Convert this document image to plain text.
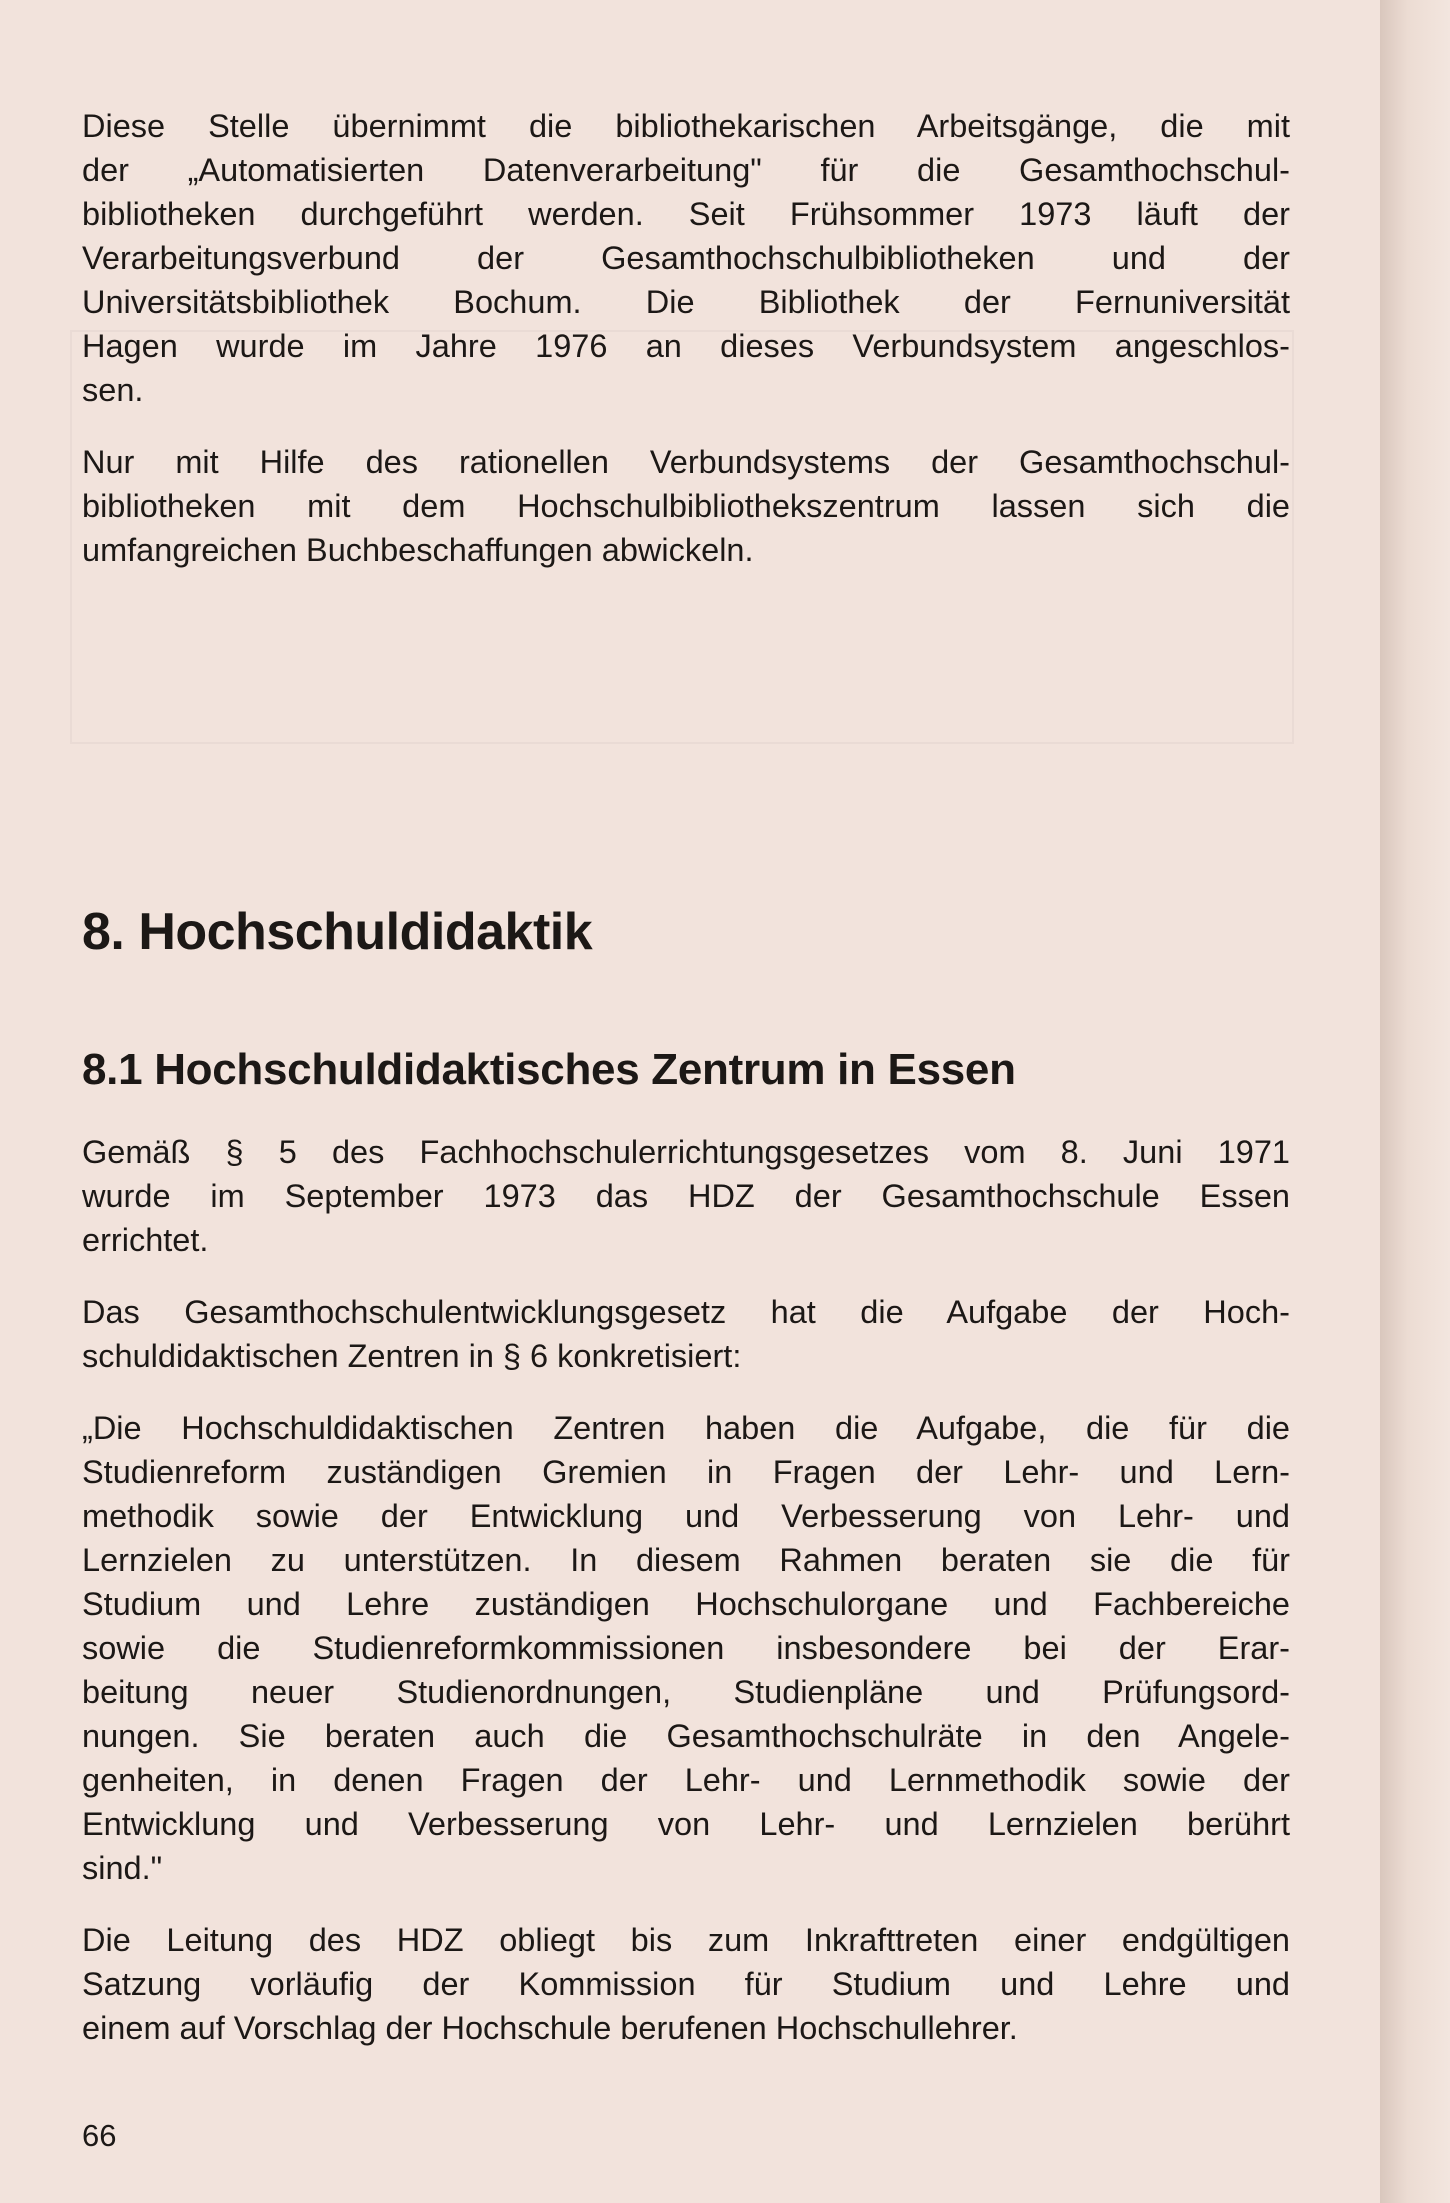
Diese Stelle übernimmt die bibliothekarischen Arbeitsgänge, die mit
der „Automatisierten Datenverarbeitung" für die Gesamthochschul-
bibliotheken durchgeführt werden. Seit Frühsommer 1973 läuft der
Verarbeitungsverbund der Gesamthochschulbibliotheken und der
Universitätsbibliothek Bochum. Die Bibliothek der Fernuniversität
Hagen wurde im Jahre 1976 an dieses Verbundsystem angeschlos-
sen.
Nur mit Hilfe des rationellen Verbundsystems der Gesamthochschul-
bibliotheken mit dem Hochschulbibliothekszentrum lassen sich die
umfangreichen Buchbeschaffungen abwickeln.
8. Hochschuldidaktik
8.1 Hochschuldidaktisches Zentrum in Essen
Gemäß § 5 des Fachhochschulerrichtungsgesetzes vom 8. Juni 1971
wurde im September 1973 das HDZ der Gesamthochschule Essen
errichtet.
Das Gesamthochschulentwicklungsgesetz hat die Aufgabe der Hoch-
schuldidaktischen Zentren in § 6 konkretisiert:
„Die Hochschuldidaktischen Zentren haben die Aufgabe, die für die
Studienreform zuständigen Gremien in Fragen der Lehr- und Lern-
methodik sowie der Entwicklung und Verbesserung von Lehr- und
Lernzielen zu unterstützen. In diesem Rahmen beraten sie die für
Studium und Lehre zuständigen Hochschulorgane und Fachbereiche
sowie die Studienreformkommissionen insbesondere bei der Erar-
beitung neuer Studienordnungen, Studienpläne und Prüfungsord-
nungen. Sie beraten auch die Gesamthochschulräte in den Angele-
genheiten, in denen Fragen der Lehr- und Lernmethodik sowie der
Entwicklung und Verbesserung von Lehr- und Lernzielen berührt
sind."
Die Leitung des HDZ obliegt bis zum Inkrafttreten einer endgültigen
Satzung vorläufig der Kommission für Studium und Lehre und
einem auf Vorschlag der Hochschule berufenen Hochschullehrer.
66
